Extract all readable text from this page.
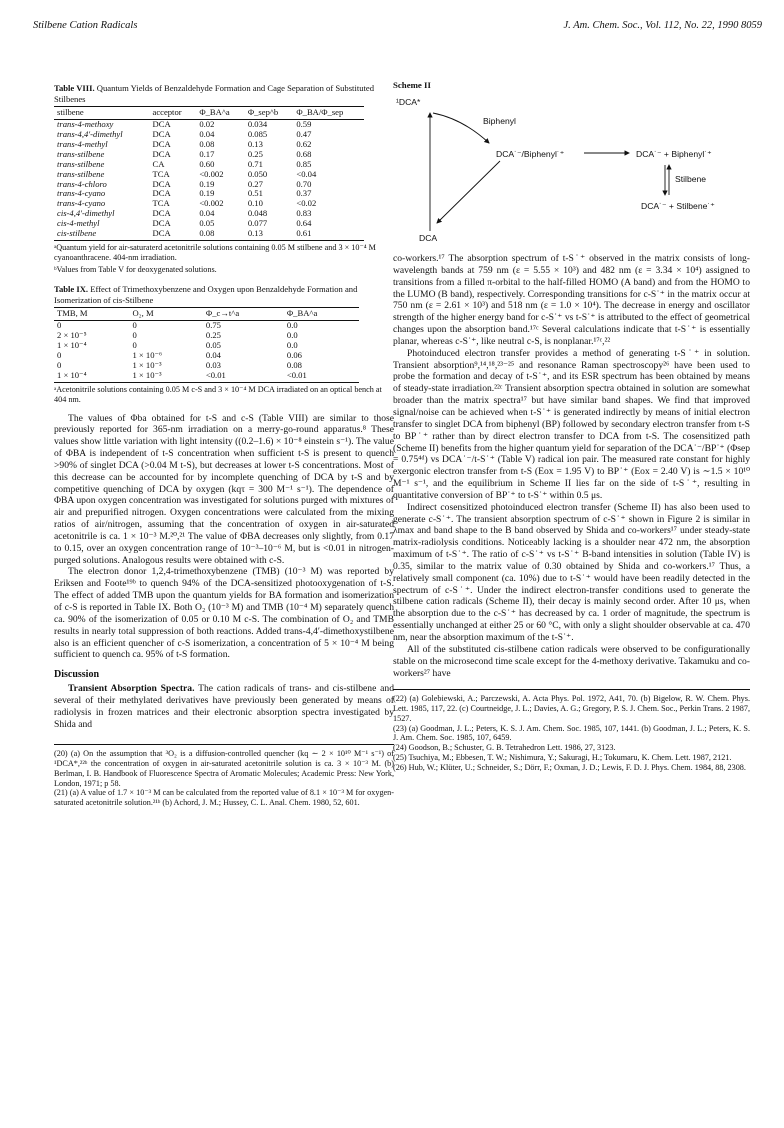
Stilbene Cation Radicals	J. Am. Chem. Soc., Vol. 112, No. 22, 1990 8059
Table VIII. Quantum Yields of Benzaldehyde Formation and Cage Separation of Substituted Stilbenes
stilbene	acceptor	Φ_BA^a	Φ_sep^b	Φ_BA/Φ_sep
trans-4-methoxy	DCA	0.02	0.034	0.59
trans-4,4′-dimethyl	DCA	0.04	0.085	0.47
trans-4-methyl	DCA	0.08	0.13	0.62
trans-stilbene	DCA	0.17	0.25	0.68
trans-stilbene	CA	0.60	0.71	0.85
trans-stilbene	TCA	<0.002	0.050	<0.04
trans-4-chloro	DCA	0.19	0.27	0.70
trans-4-cyano	DCA	0.19	0.51	0.37
trans-4-cyano	TCA	<0.002	0.10	<0.02
cis-4,4′-dimethyl	DCA	0.04	0.048	0.83
cis-4-methyl	DCA	0.05	0.077	0.64
cis-stilbene	DCA	0.08	0.13	0.61
ᵃQuantum yield for air-saturaterd acetonitrile solutions containing 0.05 M stilbene and 3 × 10⁻⁴ M cyanoanthracene. 404-nm irradiation.
ᵇValues from Table V for deoxygenated solutions.
Table IX. Effect of Trimethoxybenzene and Oxygen upon Benzaldehyde Formation and Isomerization of cis-Stilbene
TMB, M	O₂, M	Φ_c→t^a	Φ_BA^a
0	0	0.75	0.0
2 × 10⁻⁵	0	0.25	0.0
1 × 10⁻⁴	0	0.05	0.0
0	1 × 10⁻⁶	0.04	0.06
0	1 × 10⁻³	0.03	0.08
1 × 10⁻⁴	1 × 10⁻³	<0.01	<0.01
ᵃAcetonitrile solutions containing 0.05 M c-S and 3 × 10⁻⁴ M DCA irradiated on an optical bench at 404 nm.

The values of Φba obtained for t-S and c-S (Table VIII) are similar to those previously reported for 365-nm irradiation on a merry-go-round apparatus.⁸ These values show little variation with light intensity ((0.2–1.6) × 10⁻⁸ einstein s⁻¹). The value of ΦBA is independent of t-S concentration when sufficient t-S is present to quench >90% of singlet DCA (>0.04 M t-S), but decreases at lower t-S concentrations. Most of this decrease can be accounted for by incomplete quenching of DCA by t-S and by competitive quenching of DCA by oxygen (kqτ = 300 M⁻¹ s⁻¹). The dependence of ΦBA upon oxygen concentration was investigated for solutions purged with mixtures of air and prepurified nitrogen. Oxygen concentrations were calculated from the mixing ratios of air/nitrogen, assuming that the concentration of oxygen in air-saturated acetonitrile is ca. 1 × 10⁻³ M.²⁰,²¹ The value of ΦBA decreases only slightly, from 0.17 to 0.15, over an oxygen concentration range of 10⁻³–10⁻⁶ M, but is <0.01 in nitrogen-purged solutions. Analogous results were obtained with c-S.

The electron donor 1,2,4-trimethoxybenzene (TMB) (10⁻³ M) was reported by Eriksen and Foote¹⁹ᵇ to quench 94% of the DCA-sensitized photooxygenation of t-S. The effect of added TMB upon the quantum yields for BA formation and isomerization of c-S is reported in Table IX. Both O₂ (10⁻³ M) and TMB (10⁻⁴ M) separately quench ca. 90% of the isomerization of 0.05 or 0.10 M c-S. The combination of O₂ and TMB results in nearly total suppression of both reactions. Added trans-4,4′-dimethoxystilbene also is an efficient quencher of c-S isomerization, a concentration of 5 × 10⁻⁴ M being sufficient to quench ca. 95% of t-S formation.

Discussion

Transient Absorption Spectra. The cation radicals of trans- and cis-stilbene and several of their methylated derivatives have previously been generated by means of radiolysis in frozen matrices and their electronic absorption spectra investigated by Shida and

(20) (a) On the assumption that ³O₂ is a diffusion-controlled quencher (kq ∼ 2 × 10¹⁰ M⁻¹ s⁻¹) of ¹DCA*,²²ᵇ the concentration of oxygen in air-saturated acetonitrile solution is ca. 3 × 10⁻³ M. (b) Berlman, I. B. Handbook of Fluorescence Spectra of Aromatic Molecules; Academic Press: New York, London, 1971; p 58.

(21) (a) A value of 1.7 × 10⁻³ M can be calculated from the reported value of 8.1 × 10⁻³ M for oxygen-saturated acetonitrile solution.²¹ᵇ (b) Achord, J. M.; Hussey, C. L. Anal. Chem. 1980, 52, 601.

Scheme II
¹DCA*
Biphenyl
DCA˙⁻/Biphenyl˙⁺	DCA˙⁻ + Biphenyl˙⁺
Stilbene
DCA˙⁻ + Stilbene˙⁺
DCA

co-workers.¹⁷ The absorption spectrum of t-S˙⁺ observed in the matrix consists of long-wavelength bands at 759 nm (ε = 5.55 × 10³) and 482 nm (ε = 3.34 × 10⁴) assigned to transitions from a filled π-orbital to the half-filled HOMO (A band) and from the HOMO to the LUMO (B band), respectively. Corresponding transitions for c-S˙⁺ in the matrix occur at 750 nm (ε = 2.61 × 10³) and 518 nm (ε = 1.0 × 10⁴). The decrease in energy and oscillator strength of the higher energy band for c-S˙⁺ vs t-S˙⁺ is attributed to the effect of geometrical changes upon the absorption band.¹⁷ᶜ Several calculations indicate that t-S˙⁺ is essentially planar, whereas c-S˙⁺, like neutral c-S, is nonplanar.¹⁷ᶜ,²²

Photoinduced electron transfer provides a method of generating t-S˙⁺ in solution. Transient absorption⁹,¹⁴,¹⁸,²³⁻²⁵ and resonance Raman spectroscopy²⁶ have been used to probe the formation and decay of t-S˙⁺, and its ESR spectrum has been obtained by means of steady-state irradiation.²²ᶜ Transient absorption spectra obtained in solution are somewhat broader than the matrix spectra¹⁷ but have similar band shapes. We find that improved signal/noise can be achieved when t-S˙⁺ is generated indirectly by means of initial electron transfer to singlet DCA from biphenyl (BP) followed by secondary electron transfer from t-S to BP˙⁺ rather than by direct electron transfer to DCA from t-S. The cosensitized path (Scheme II) benefits from the higher quantum yield for separation of the DCA˙⁻/BP˙⁺ (Φsep = 0.75⁴ᵈ) vs DCA˙⁻/t-S˙⁺ (Table V) radical ion pair. The measured rate constant for highly exergonic electron transfer from t-S (Eox = 1.95 V) to BP˙⁺ (Eox = 2.40 V) is ∼1.5 × 10¹⁰ M⁻¹ s⁻¹, and the equilibrium in Scheme II lies far on the side of t-S˙⁺, resulting in quantitative conversion of BP˙⁺ to t-S˙⁺ within 0.5 μs.

Indirect cosensitized photoinduced electron transfer (Scheme II) has also been used to generate c-S˙⁺. The transient absorption spectrum of c-S˙⁺ shown in Figure 2 is similar in λmax and band shape to the B band observed by Shida and co-workers¹⁷ under steady-state matrix-radiolysis conditions. Noticeably lacking is a shoulder near 472 nm, the absorption maximum of t-S˙⁺. The ratio of c-S˙⁺ vs t-S˙⁺ B-band intensities in solution (Table IV) is 0.35, similar to the matrix value of 0.30 obtained by Shida and co-workers.¹⁷ Thus, a relatively small component (ca. 10%) due to t-S˙⁺ would have been readily detected in the spectrum of c-S˙⁺. Under the indirect electron-transfer conditions used to generate the stilbene cation radicals (Scheme II), their decay is mainly second order. After 10 μs, when the absorption due to the c-S˙⁺ has decreased by ca. 1 order of magnitude, the spectrum is essentially unchanged at either 25 or 60 °C, with only a slight shoulder observable at ca. 470 nm, near the absorption maximum of the t-S˙⁺.

All of the substituted cis-stilbene cation radicals were observed to be configurationally stable on the microsecond time scale except for the 4-methoxy derivative. Takamuku and co-workers²⁷ have

(22) (a) Golebiewski, A.; Parczewski, A. Acta Phys. Pol. 1972, A41, 70. (b) Bigelow, R. W. Chem. Phys. Lett. 1985, 117, 22. (c) Courtneidge, J. L.; Davies, A. G.; Gregory, P. S. J. Chem. Soc., Perkin Trans. 2 1987, 1527.

(23) (a) Goodman, J. L.; Peters, K. S. J. Am. Chem. Soc. 1985, 107, 1441. (b) Goodman, J. L.; Peters, K. S. J. Am. Chem. Soc. 1985, 107, 6459.

(24) Goodson, B.; Schuster, G. B. Tetrahedron Lett. 1986, 27, 3123.

(25) Tsuchiya, M.; Ebbesen, T. W.; Nishimura, Y.; Sakuragi, H.; Tokumaru, K. Chem. Lett. 1987, 2121.

(26) Hub, W.; Klüter, U.; Schneider, S.; Dörr, F.; Oxman, J. D.; Lewis, F. D. J. Phys. Chem. 1984, 88, 2308.
